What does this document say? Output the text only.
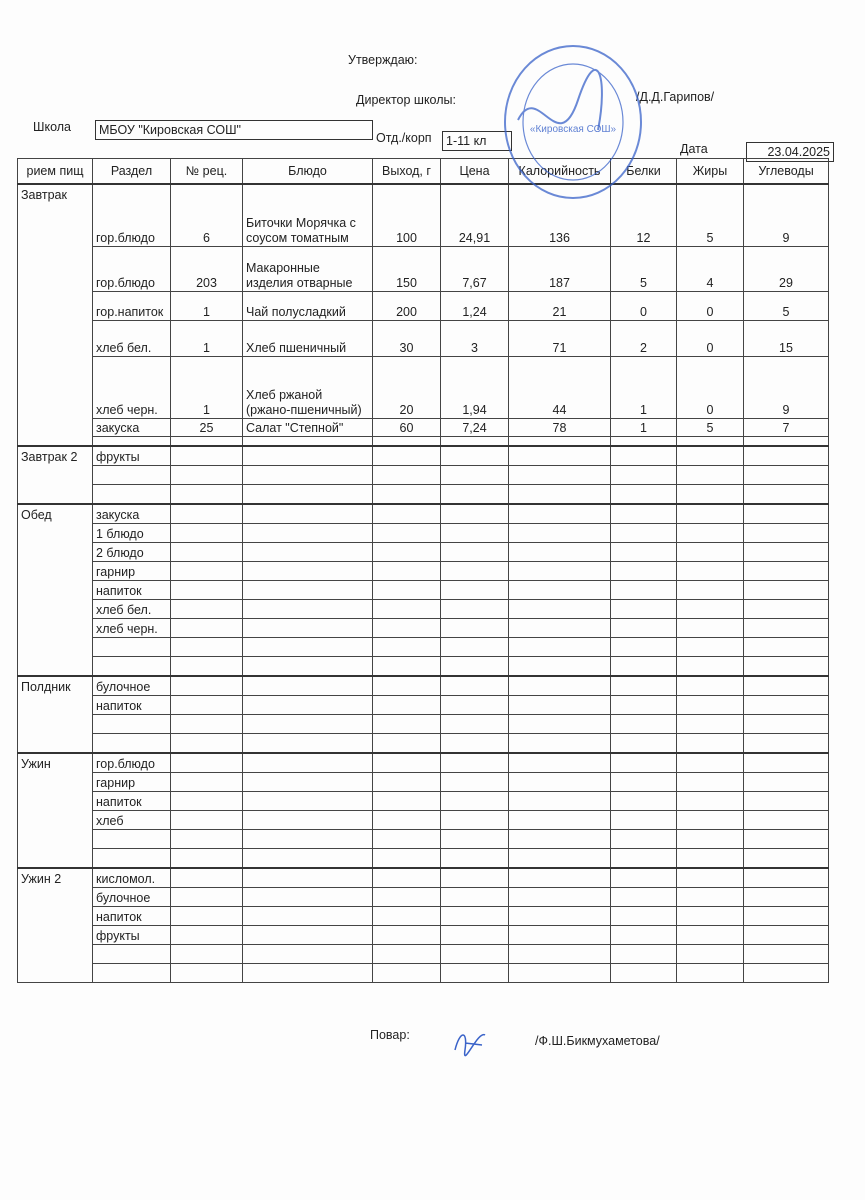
Утверждаю:
Директор школы:	/Д.Д.Гарипов/
Школа	МБОУ "Кировская СОШ"
Отд./корп	1-11 кл
Дата	23.04.2025
рием пищ	Раздел	№ рец.	Блюдо	Выход, г	Цена	Калорийность	Белки	Жиры	Углеводы
Завтрак	гор.блюдо	6	Биточки Морячка с соусом томатным	100	24,91	136	12	5	9
	гор.блюдо	203	Макаронные изделия отварные	150	7,67	187	5	4	29
	гор.напиток	1	Чай полусладкий	200	1,24	21	0	0	5
	хлеб бел.	1	Хлеб пшеничный	30	3	71	2	0	15
	хлеб черн.	1	Хлеб ржаной (ржано-пшеничный)	20	1,94	44	1	0	9
	закуска	25	Салат "Степной"	60	7,24	78	1	5	7

Завтрак 2	фрукты								

Обед	закуска								
	1 блюдо								
	2 блюдо								
	гарнир								
	напиток								
	хлеб бел.								
	хлеб черн.								

Полдник	булочное								
	напиток								

Ужин	гор.блюдо								
	гарнир								
	напиток								
	хлеб								

Ужин 2	кисломол.								
	булочное								
	напиток								
	фрукты								

«Кировская СОШ»
Повар:	/Ф.Ш.Бикмухаметова/
